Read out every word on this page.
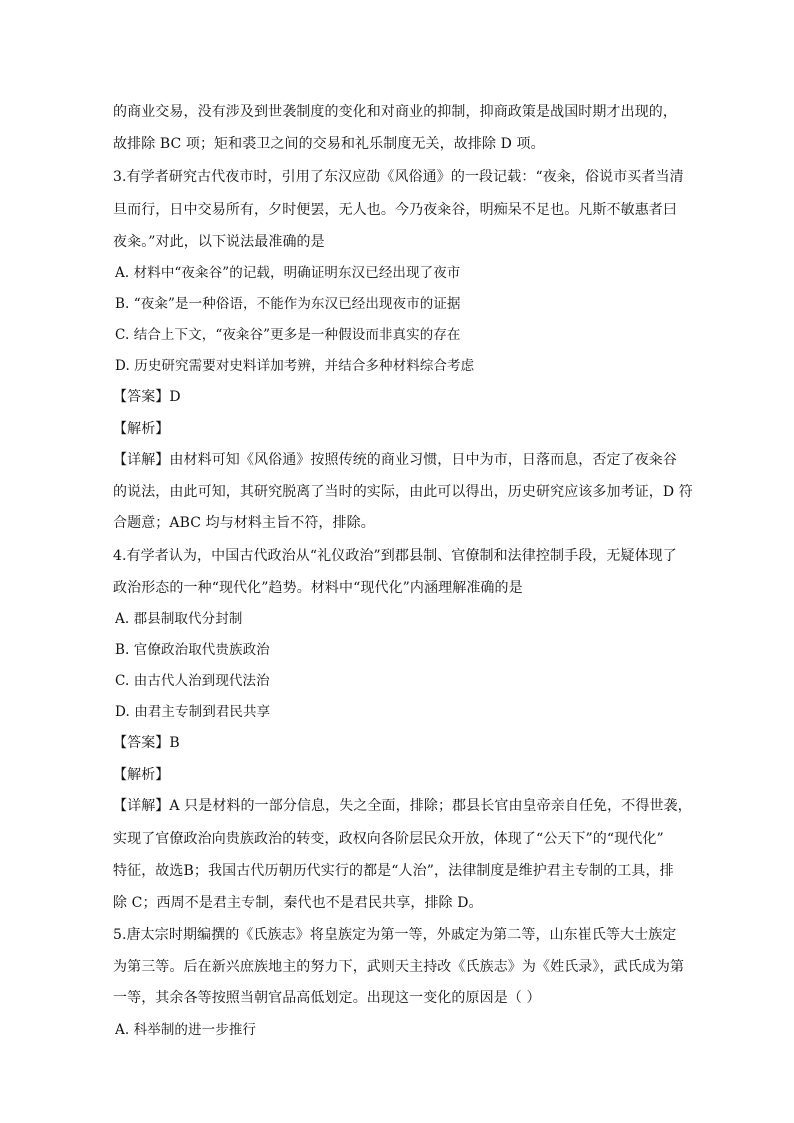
的商业交易，没有涉及到世袭制度的变化和对商业的抑制，抑商政策是战国时期才出现的，
故排除 BC 项；矩和裘卫之间的交易和礼乐制度无关，故排除 D 项。
3.有学者研究古代夜市时，引用了东汉应劭《风俗通》的一段记载：“夜籴，俗说市买者当清
旦而行，日中交易所有，夕时便罢，无人也。今乃夜籴谷，明痴呆不足也。凡斯不敏惠者曰
夜籴。”对此，以下说法最准确的是
A. 材料中“夜籴谷”的记载，明确证明东汉已经出现了夜市
B. “夜籴”是一种俗语，不能作为东汉已经出现夜市的证据
C. 结合上下文，“夜籴谷”更多是一种假设而非真实的存在
D. 历史研究需要对史料详加考辨，并结合多种材料综合考虑
【答案】D
【解析】
【详解】由材料可知《风俗通》按照传统的商业习惯，日中为市，日落而息，否定了夜籴谷
的说法，由此可知，其研究脱离了当时的实际，由此可以得出，历史研究应该多加考证，D 符
合题意；ABC 均与材料主旨不符，排除。
4.有学者认为，中国古代政治从“礼仪政治”到郡县制、官僚制和法律控制手段，无疑体现了
政治形态的一种“现代化”趋势。材料中“现代化”内涵理解准确的是
A. 郡县制取代分封制
B. 官僚政治取代贵族政治
C. 由古代人治到现代法治
D. 由君主专制到君民共享
【答案】B
【解析】
【详解】A 只是材料的一部分信息，失之全面，排除；郡县长官由皇帝亲自任免，不得世袭，
实现了官僚政治向贵族政治的转变，政权向各阶层民众开放，体现了“公天下”的“现代化”
特征，故选B；我国古代历朝历代实行的都是“人治”，法律制度是维护君主专制的工具，排
除 C；西周不是君主专制，秦代也不是君民共享，排除 D。
5.唐太宗时期编撰的《氏族志》将皇族定为第一等，外戚定为第二等，山东崔氏等大士族定
为第三等。后在新兴庶族地主的努力下，武则天主持改《氏族志》为《姓氏录》，武氏成为第
一等，其余各等按照当朝官品高低划定。出现这一变化的原因是（ ）
A. 科举制的进一步推行
